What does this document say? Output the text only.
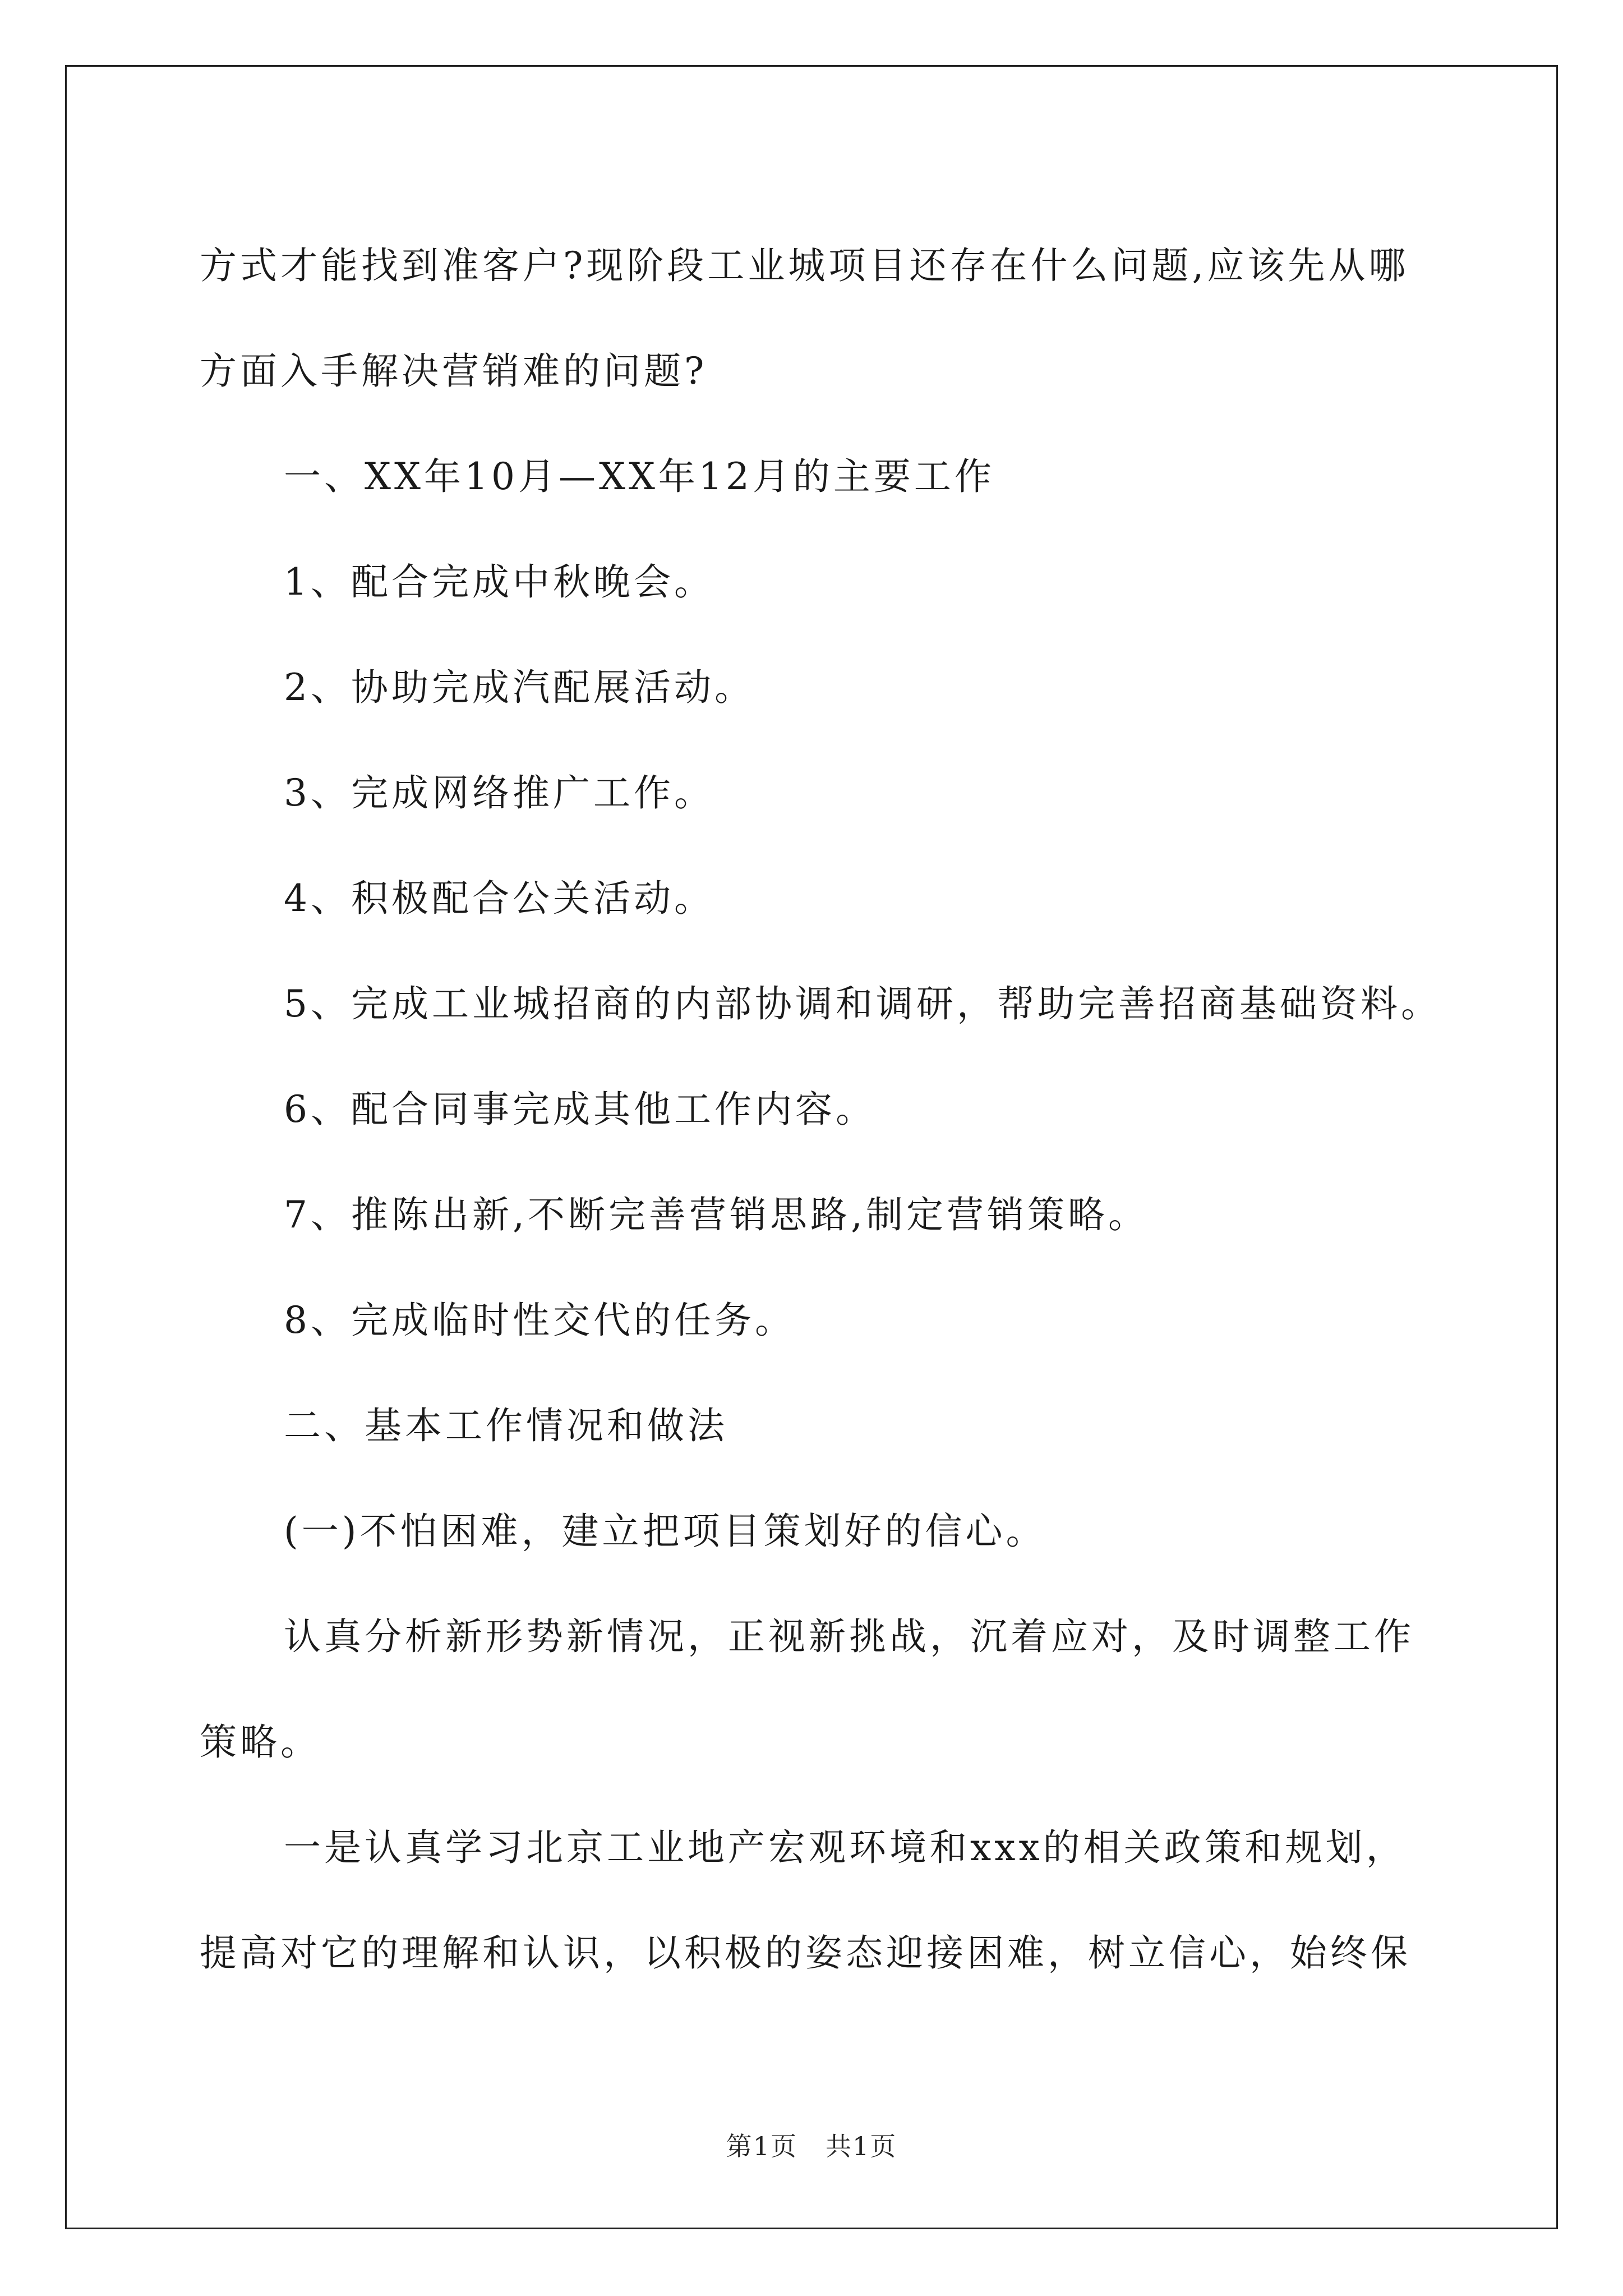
方式才能找到准客户?现阶段工业城项目还存在什么问题,应该先从哪

方面入手解决营销难的问题?

一、XX年10月—XX年12月的主要工作

1、配合完成中秋晚会。

2、协助完成汽配展活动。

3、完成网络推广工作。

4、积极配合公关活动。

5、完成工业城招商的内部协调和调研，帮助完善招商基础资料。

6、配合同事完成其他工作内容。

7、推陈出新,不断完善营销思路,制定营销策略。

8、完成临时性交代的任务。

二、基本工作情况和做法

(一)不怕困难，建立把项目策划好的信心。

认真分析新形势新情况，正视新挑战，沉着应对，及时调整工作

策略。

一是认真学习北京工业地产宏观环境和xxx的相关政策和规划，

提高对它的理解和认识，以积极的姿态迎接困难，树立信心，始终保

第1页 共1页
